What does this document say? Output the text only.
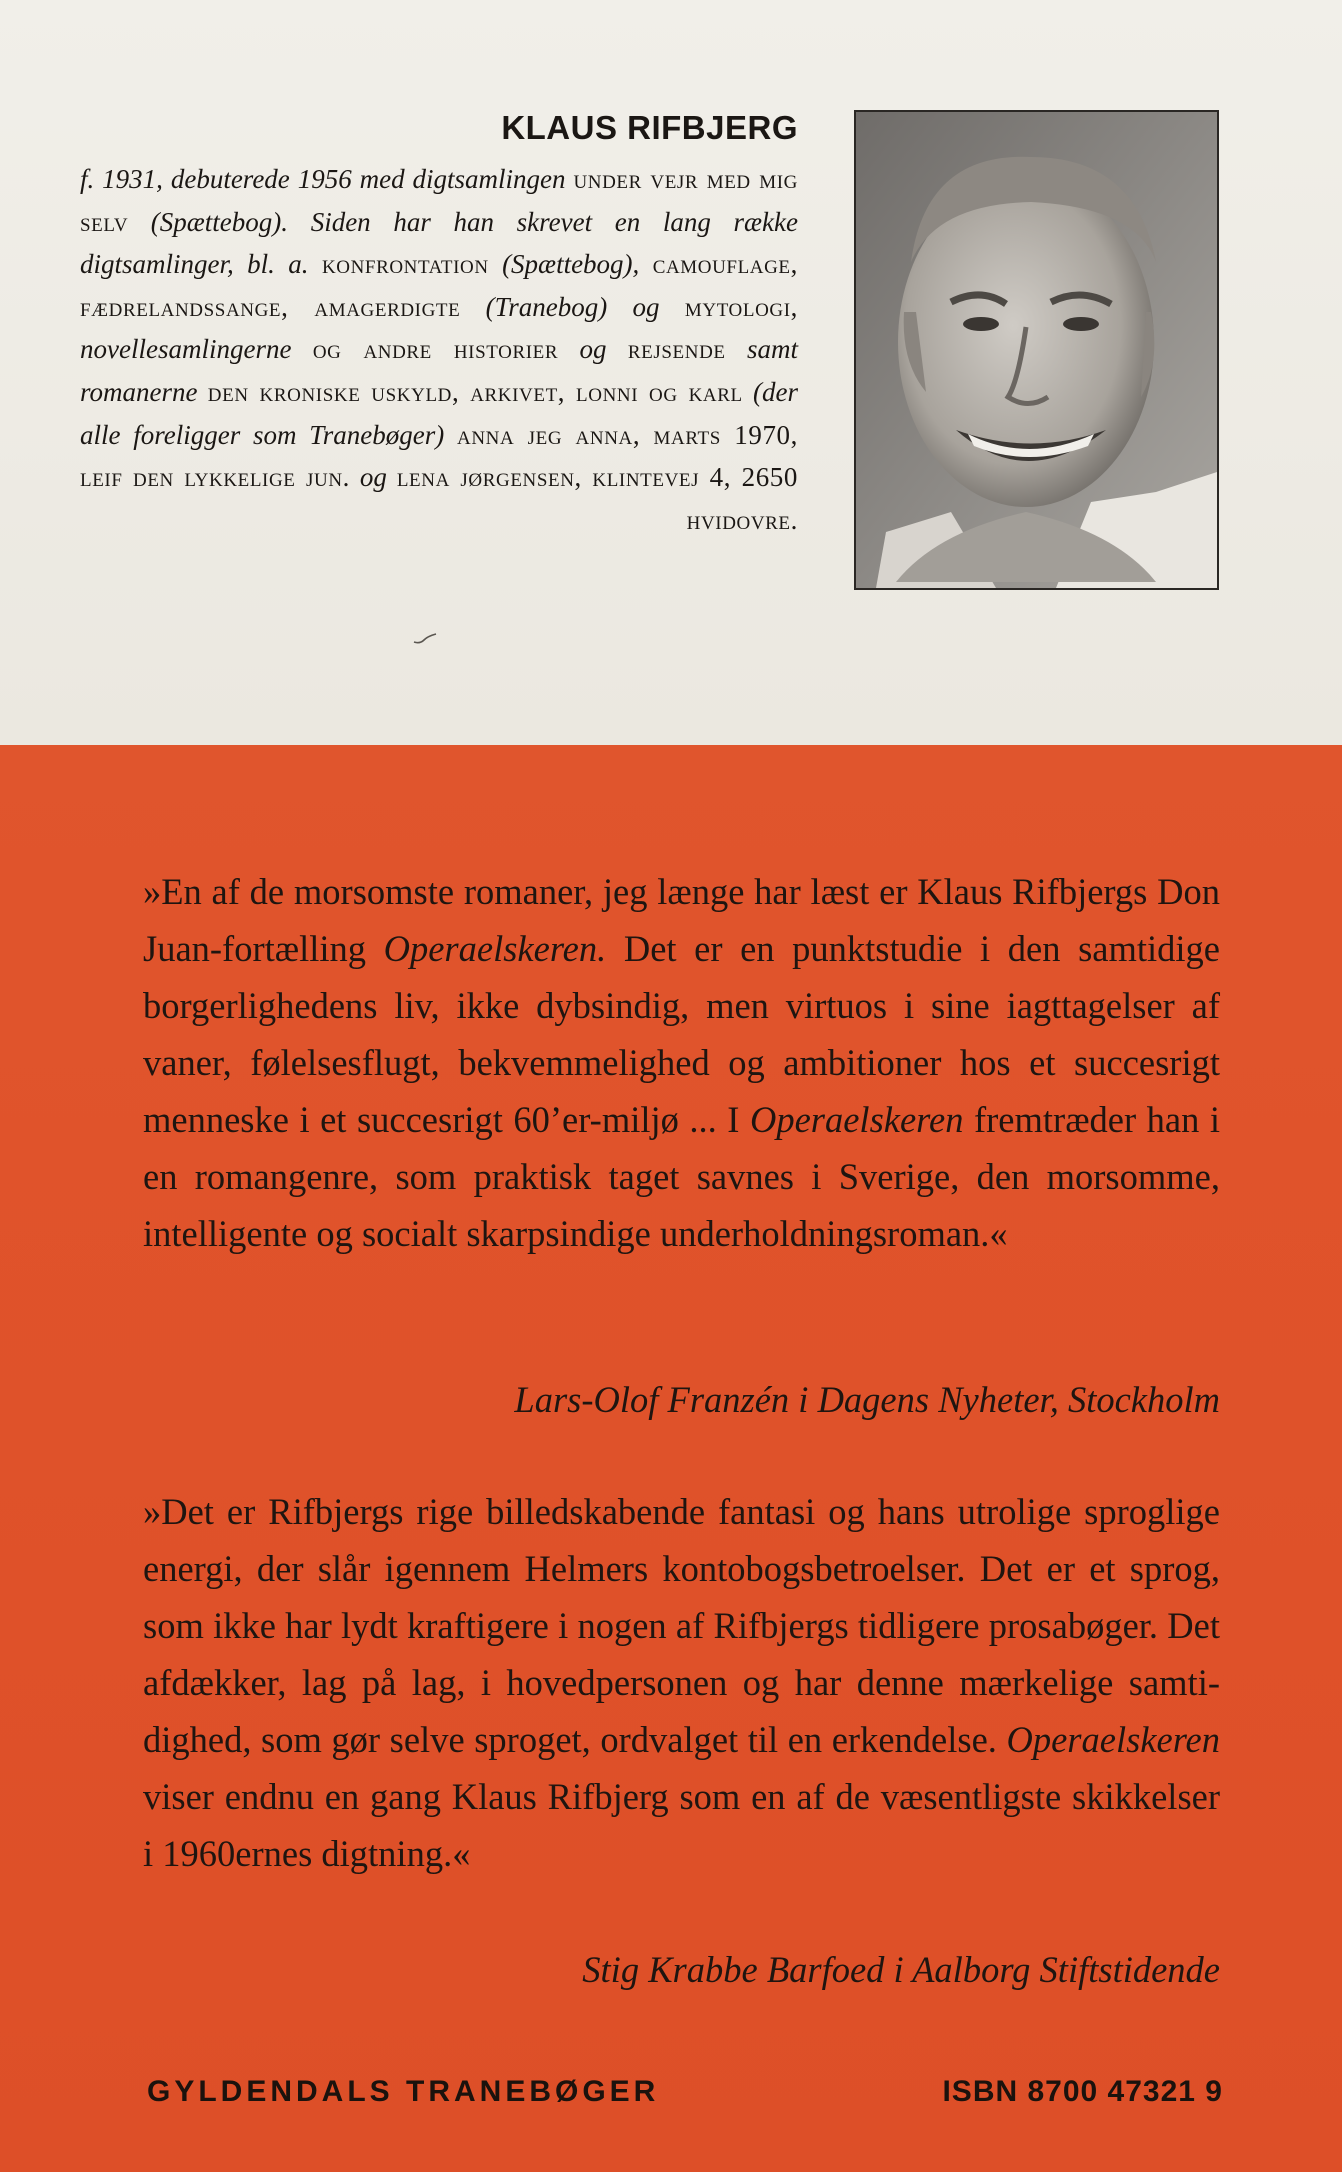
KLAUS RIFBJERG

f. 1931, debuterede 1956 med digtsamlingen under vejr med mig selv (Spættebog). Siden har han skrevet en lang række digtsamlinger, bl. a. konfrontation (Spættebog), camouflage, fædrelandssange, amagerdigte (Tranebog) og mytologi, novellesamlingerne og andre historier og rejsende samt romanerne den kroniske uskyld, arkivet, lonni og karl (der alle foreligger som Tranebøger) anna jeg anna, marts 1970, leif den lykkelige jun. og lena jørgensen, klintevej 4, 2650 hvidovre.

»En af de morsomste romaner, jeg længe har læst er Klaus Rifbjergs Don Juan-fortælling Operaelskeren. Det er en punktstudie i den samtidige borgerlighedens liv, ikke dybsindig, men virtuos i sine iagttagelser af vaner, følelsesflugt, bekvemmelighed og ambitioner hos et succesrigt menneske i et succesrigt 60’er-miljø ... I Operaelskeren fremtræder han i en romangenre, som praktisk taget savnes i Sverige, den morsomme, intelligente og socialt skarpsindige underholdningsroman.«

Lars-Olof Franzén i Dagens Nyheter, Stockholm

»Det er Rifbjergs rige billedskabende fantasi og hans utrolige sproglige energi, der slår igennem Helmers kontobogsbetroelser. Det er et sprog, som ikke har lydt kraftigere i nogen af Rifbjergs tidligere prosabøger. Det afdækker, lag på lag, i hovedpersonen og har denne mærkelige samtidighed, som gør selve sproget, ordvalget til en erkendelse. Operaelskeren viser endnu en gang Klaus Rifbjerg som en af de væsentligste skikkelser i 1960ernes digtning.«

Stig Krabbe Barfoed i Aalborg Stiftstidende

GYLDENDALS TRANEBØGER	ISBN 8700 47321 9
